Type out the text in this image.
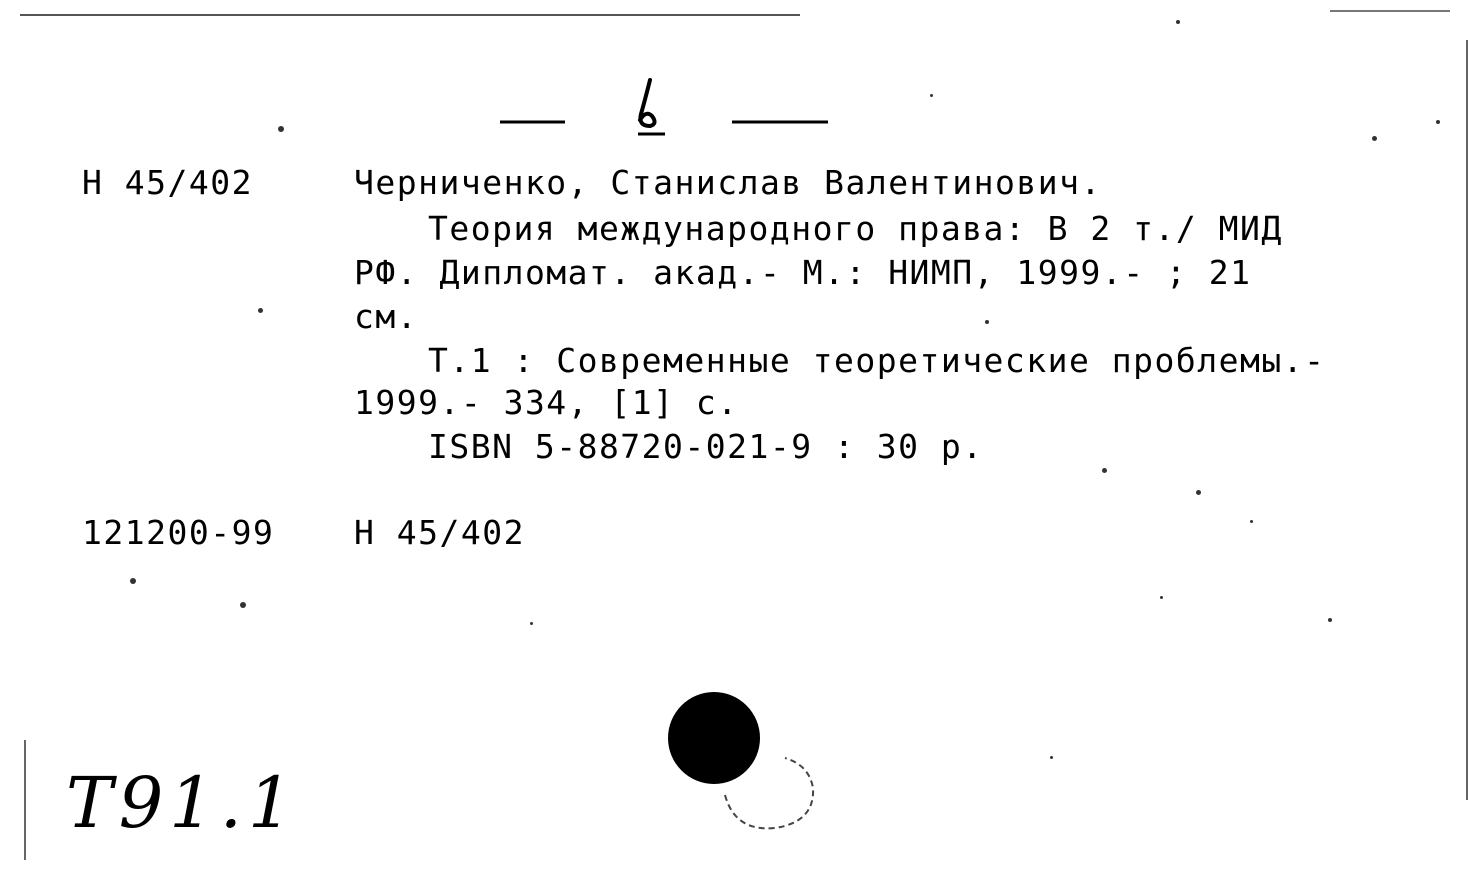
1
Н 45/402
121200-99
Черниченко, Станислав Валентинович.
Теория международного права: В 2 т./ МИД
РФ. Дипломат. акад.- М.: НИМП, 1999.- ; 21
см.
Т.1 : Современные теоретические проблемы.-
1999.- 334, [1] с.
ISBN 5-88720-021-9 : 30 р.
Н 45/402
Т91.1
